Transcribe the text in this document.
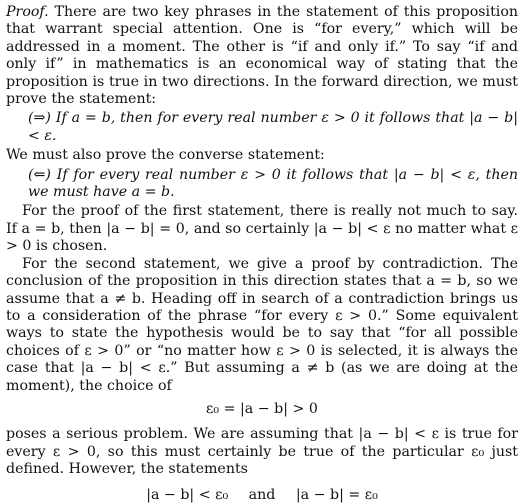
Proof. There are two key phrases in the statement of this proposition that warrant special attention. One is “for every,” which will be addressed in a moment. The other is “if and only if.” To say “if and only if” in mathematics is an economical way of stating that the proposition is true in two directions. In the forward direction, we must prove the statement:

(⇒) If a = b, then for every real number ε > 0 it follows that |a − b| < ε.

We must also prove the converse statement:

(⇐) If for every real number ε > 0 it follows that |a − b| < ε, then we must have a = b.

For the proof of the first statement, there is really not much to say. If a = b, then |a − b| = 0, and so certainly |a − b| < ε no matter what ε > 0 is chosen.

For the second statement, we give a proof by contradiction. The conclusion of the proposition in this direction states that a = b, so we assume that a ≠ b. Heading off in search of a contradiction brings us to a consideration of the phrase “for every ε > 0.” Some equivalent ways to state the hypothesis would be to say that “for all possible choices of ε > 0” or “no matter how ε > 0 is selected, it is always the case that |a − b| < ε.” But assuming a ≠ b (as we are doing at the moment), the choice of

ε₀ = |a − b| > 0

poses a serious problem. We are assuming that |a − b| < ε is true for every ε > 0, so this must certainly be true of the particular ε₀ just defined. However, the statements

|a − b| < ε₀ and |a − b| = ε₀
